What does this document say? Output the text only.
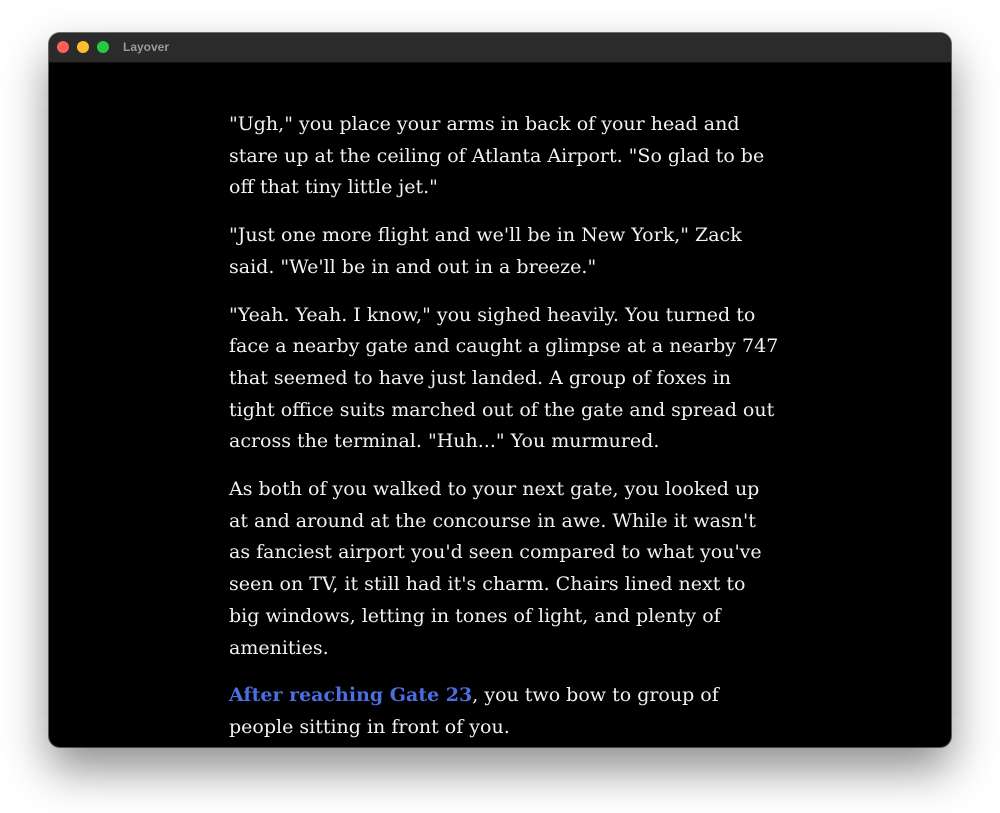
Layover

"Ugh," you place your arms in back of your head and stare up at the ceiling of Atlanta Airport. "So glad to be off that tiny little jet."

"Just one more flight and we'll be in New York," Zack said. "We'll be in and out in a breeze."

"Yeah. Yeah. I know," you sighed heavily. You turned to face a nearby gate and caught a glimpse at a nearby 747 that seemed to have just landed. A group of foxes in tight office suits marched out of the gate and spread out across the terminal. "Huh..." You murmured.

As both of you walked to your next gate, you looked up at and around at the concourse in awe. While it wasn't as fanciest airport you'd seen compared to what you've seen on TV, it still had it's charm. Chairs lined next to big windows, letting in tones of light, and plenty of amenities.

After reaching Gate 23, you two bow to group of people sitting in front of you.
